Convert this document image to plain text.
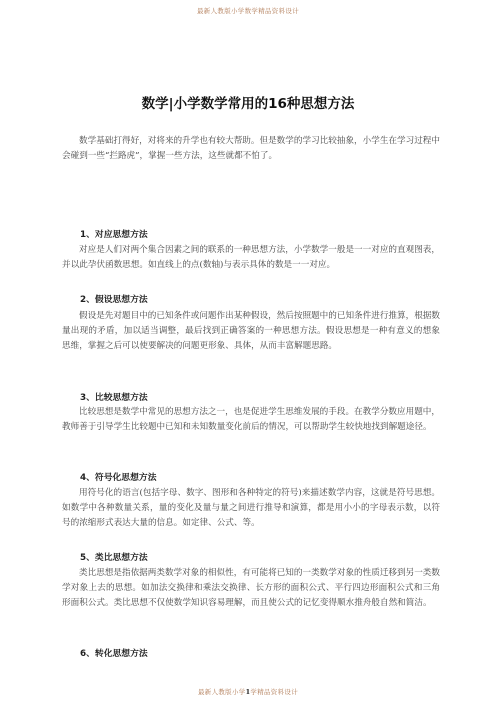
最新人教版小学数学精品资料设计
数学|小学数学常用的16种思想方法

数学基础打得好，对将来的升学也有较大帮助。但是数学的学习比较抽象，小学生在学习过程中会碰到一些“拦路虎”，掌握一些方法，这些就都不怕了。

1、对应思想方法

对应是人们对两个集合因素之间的联系的一种思想方法，小学数学一般是一一对应的直观图表，并以此孕伏函数思想。如直线上的点(数轴)与表示具体的数是一一对应。

2、假设思想方法

假设是先对题目中的已知条件或问题作出某种假设，然后按照题中的已知条件进行推算，根据数量出现的矛盾，加以适当调整，最后找到正确答案的一种思想方法。假设思想是一种有意义的想象思维，掌握之后可以使要解决的问题更形象、具体，从而丰富解题思路。

3、比较思想方法

比较思想是数学中常见的思想方法之一，也是促进学生思维发展的手段。在教学分数应用题中，教师善于引导学生比较题中已知和未知数量变化前后的情况，可以帮助学生较快地找到解题途径。

4、符号化思想方法

用符号化的语言(包括字母、数字、图形和各种特定的符号)来描述数学内容，这就是符号思想。如数学中各种数量关系，量的变化及量与量之间进行推导和演算，都是用小小的字母表示数，以符号的浓缩形式表达大量的信息。如定律、公式、等。

5、类比思想方法

类比思想是指依据两类数学对象的相似性，有可能将已知的一类数学对象的性质迁移到另一类数学对象上去的思想。如加法交换律和乘法交换律、长方形的面积公式、平行四边形面积公式和三角形面积公式。类比思想不仅使数学知识容易理解，而且使公式的记忆变得顺水推舟般自然和简洁。

6、转化思想方法
最新人教版小学1学精品资料设计
